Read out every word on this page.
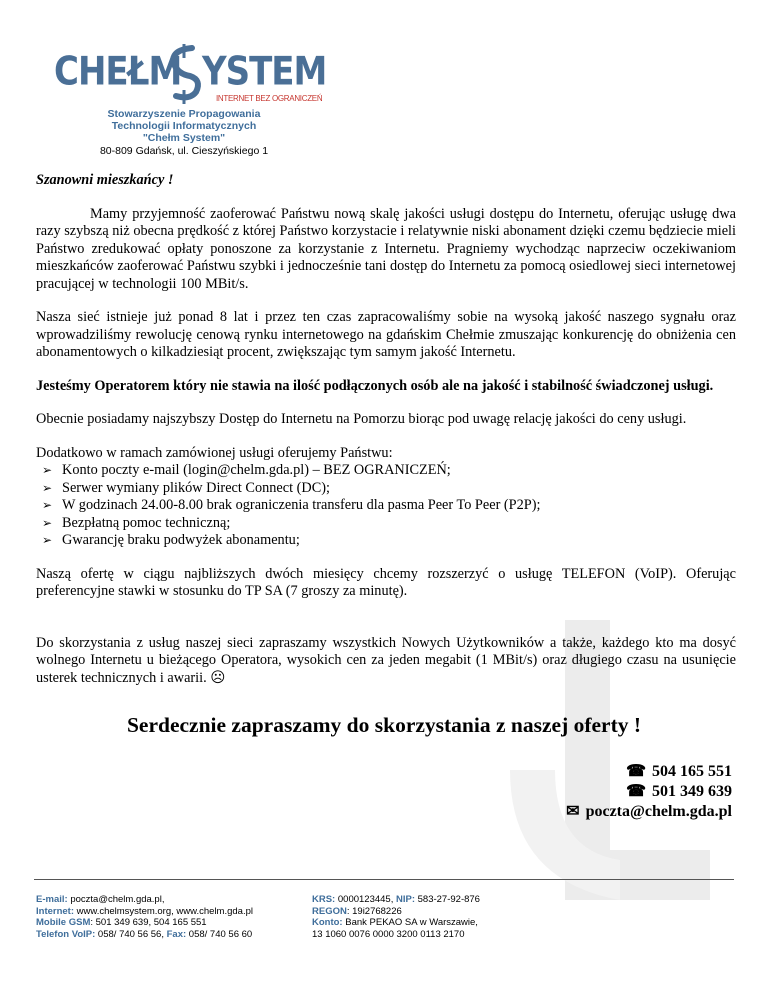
CHEŁM YSTEM
INTERNET BEZ OGRANICZEŃ
Stowarzyszenie Propagowania
Technologii Informatycznych
"Chełm System"
80-809 Gdańsk, ul. Cieszyńskiego 1

Szanowni mieszkańcy !

Mamy przyjemność zaoferować Państwu nową skalę jakości usługi dostępu do Internetu, oferując usługę dwa razy szybszą niż obecna prędkość z której Państwo korzystacie i relatywnie niski abonament dzięki czemu będziecie mieli Państwo zredukować opłaty ponoszone za korzystanie z Internetu. Pragniemy wychodząc naprzeciw oczekiwaniom mieszkańców zaoferować Państwu szybki i jednocześnie tani dostęp do Internetu za pomocą osiedlowej sieci internetowej pracującej w technologii 100 MBit/s.

Nasza sieć istnieje już ponad 8 lat i przez ten czas zapracowaliśmy sobie na wysoką jakość naszego sygnału oraz wprowadziliśmy rewolucję cenową rynku internetowego na gdańskim Chełmie zmuszając konkurencję do obniżenia cen abonamentowych o kilkadziesiąt procent, zwiększając tym samym jakość Internetu.

Jesteśmy Operatorem który nie stawia na ilość podłączonych osób ale na jakość i stabilność świadczonej usługi.

Obecnie posiadamy najszybszy Dostęp do Internetu na Pomorzu biorąc pod uwagę relację jakości do ceny usługi.

Dodatkowo w ramach zamówionej usługi oferujemy Państwu:

➢ Konto poczty e-mail (login@chelm.gda.pl) – BEZ OGRANICZEŃ;
➢ Serwer wymiany plików Direct Connect (DC);
➢ W godzinach 24.00-8.00 brak ograniczenia transferu dla pasma Peer To Peer (P2P);
➢ Bezpłatną pomoc techniczną;
➢ Gwarancję braku podwyżek abonamentu;

Naszą ofertę w ciągu najbliższych dwóch miesięcy chcemy rozszerzyć o usługę TELEFON (VoIP). Oferując preferencyjne stawki w stosunku do TP SA (7 groszy za minutę).

Do skorzystania z usług naszej sieci zapraszamy wszystkich Nowych Użytkowników a także, każdego kto ma dosyć wolnego Internetu u bieżącego Operatora, wysokich cen za jeden megabit (1 MBit/s) oraz długiego czasu na usunięcie usterek technicznych i awarii. ☹

Serdecznie zapraszamy do skorzystania z naszej oferty !
☎ 504 165 551
☎ 501 349 639
✉ poczta@chelm.gda.pl
E-mail: poczta@chelm.gda.pl,
Internet: www.chelmsystem.org, www.chelm.gda.pl
Mobile GSM: 501 349 639, 504 165 551
Telefon VoIP: 058/ 740 56 56, Fax: 058/ 740 56 60
KRS: 0000123445, NIP: 583-27-92-876
REGON: 19i2768226
Konto: Bank PEKAO SA w Warszawie,
13 1060 0076 0000 3200 0113 2170
